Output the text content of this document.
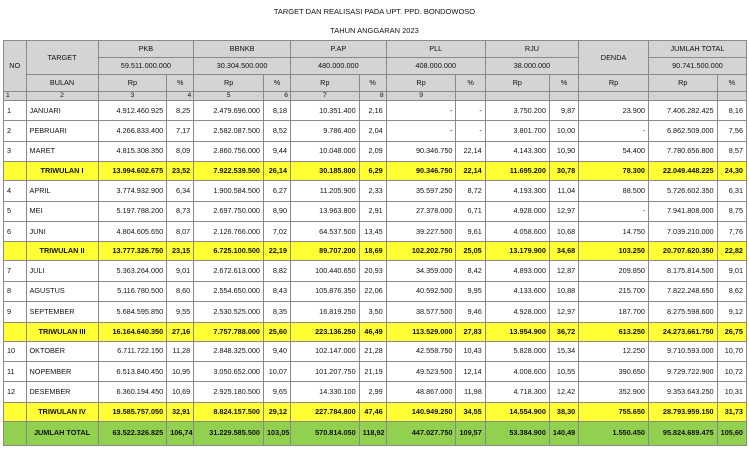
TARGET DAN REALISASI PADA UPT. PPD. BONDOWOSO
TAHUN ANGGARAN 2023
NO	TARGET	PKB		BBNKB		P.AP		PLL		RJU		DENDA	JUMLAH TOTAL	
		59.511.000.000		30.304.500.000		480.000.000		408.000.000		38.000.000			90.741.500.000	
	BULAN	Rp	%	Rp	%	Rp	%	Rp	%	Rp	%	Rp	Rp	%
1	2	3	4	5	6	7	8	9						
1	JANUARI	4.912.460.925	8,25	2.479.696.000	8,18	10.351.400	2,16	-	-	3.750.200	9,87	23.900	7.406.282.425	8,16
2	PEBRUARI	4.266.833.400	7,17	2.582.087.500	8,52	9.786.400	2,04	-	-	3.801.700	10,00	-	6.862.509.000	7,56
3	MARET	4.815.308.350	8,09	2.860.756.000	9,44	10.048.000	2,09	90.346.750	22,14	4.143.300	10,90	54.400	7.780.656.800	8,57
	TRIWULAN I	13.994.602.675	23,52	7.922.539.500	26,14	30.185.800	6,29	90.346.750	22,14	11.695.200	30,78	78.300	22.049.448.225	24,30
4	APRIL	3.774.932.900	6,34	1.900.584.500	6,27	11.205.900	2,33	35.597.250	8,72	4.193.300	11,04	88.500	5.726.602.350	6,31
5	MEI	5.197.788.200	8,73	2.697.750.000	8,90	13.963.800	2,91	27.378.000	6,71	4.928.000	12,97	-	7.941.808.000	8,75
6	JUNI	4.804.605.650	8,07	2.126.766.000	7,02	64.537.500	13,45	39.227.500	9,61	4.058.600	10,68	14.750	7.039.210.000	7,76
	TRIWULAN II	13.777.326.750	23,15	6.725.100.500	22,19	89.707.200	18,69	102.202.750	25,05	13.179.900	34,68	103.250	20.707.620.350	22,82
7	JULI	5.363.264.000	9,01	2.672.613.000	8,82	100.440.650	20,93	34.359.000	8,42	4.893.000	12,87	209.850	8.175.814.500	9,01
8	AGUSTUS	5.116.780.500	8,60	2.554.650.000	8,43	105.876.350	22,06	40.592.500	9,95	4.133.600	10,88	215.700	7.822.248.650	8,62
9	SEPTEMBER	5.684.595.850	9,55	2.530.525.000	8,35	16.819.250	3,50	38.577.500	9,46	4.928.000	12,97	187.700	8.275.598.600	9,12
	TRIWULAN III	16.164.640.350	27,16	7.757.788.000	25,60	223.136.250	46,49	113.529.000	27,83	13.954.900	36,72	613.250	24.273.661.750	26,75
10	OKTOBER	6.711.722.150	11,28	2.848.325.000	9,40	102.147.000	21,28	42.558.750	10,43	5.828.000	15,34	12.250	9.710.593.000	10,70
11	NOPEMBER	6.513.840.450	10,95	3.050.652.000	10,07	101.207.750	21,19	49.523.500	12,14	4.008.600	10,55	390.650	9.729.722.900	10,72
12	DESEMBER	6.360.194.450	10,69	2.925.180.500	9,65	14.330.100	2,99	48.867.000	11,98	4.718.300	12,42	352.900	9.353.643.250	10,31
	TRIWULAN IV	19.585.757.050	32,91	8.824.157.500	29,12	227.784.800	47,46	140.949.250	34,55	14.554.900	38,30	755.650	28.793.959.150	31,73
	JUMLAH TOTAL	63.522.326.825	106,74	31.229.585.500	103,05	570.814.050	118,92	447.027.750	109,57	53.384.900	140,49	1.550.450	95.824.689.475	105,60
